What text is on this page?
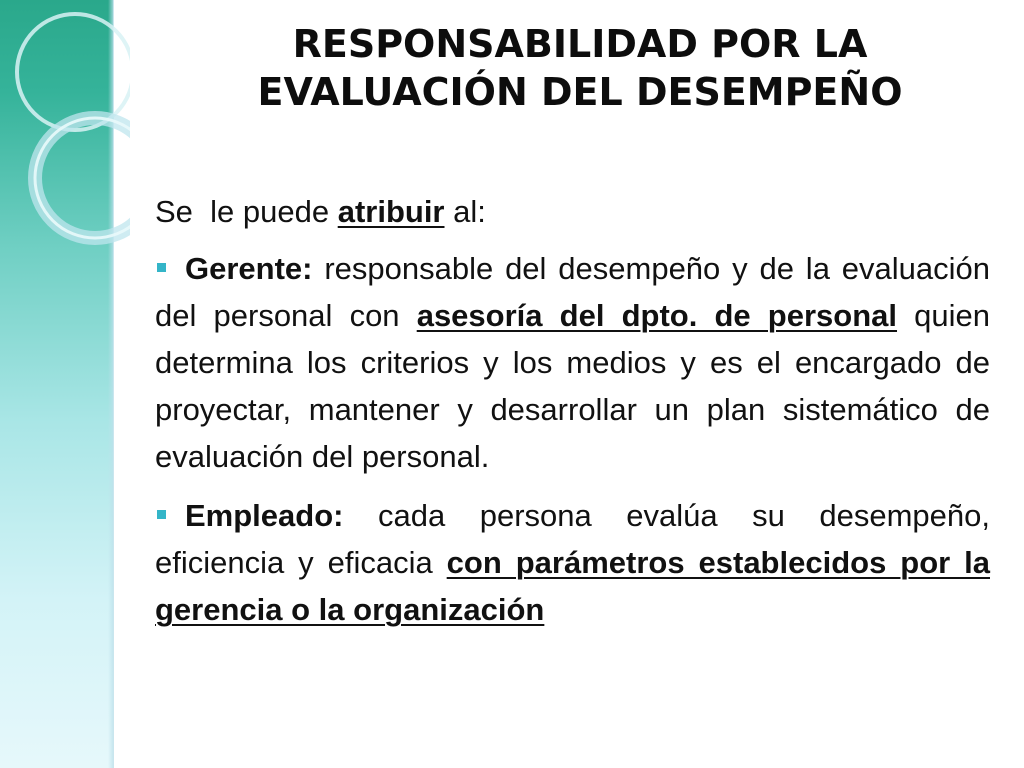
RESPONSABILIDAD POR LA
EVALUACIÓN DEL DESEMPEÑO

Se  le puede atribuir al:

Gerente: responsable del desempeño y de la evaluación del personal con asesoría del dpto. de personal quien determina los criterios y los medios y es el encargado de proyectar, mantener y desarrollar un plan sistemático de evaluación del personal.

Empleado: cada persona evalúa su desempeño, eficiencia y eficacia con parámetros establecidos por la gerencia o la organización
